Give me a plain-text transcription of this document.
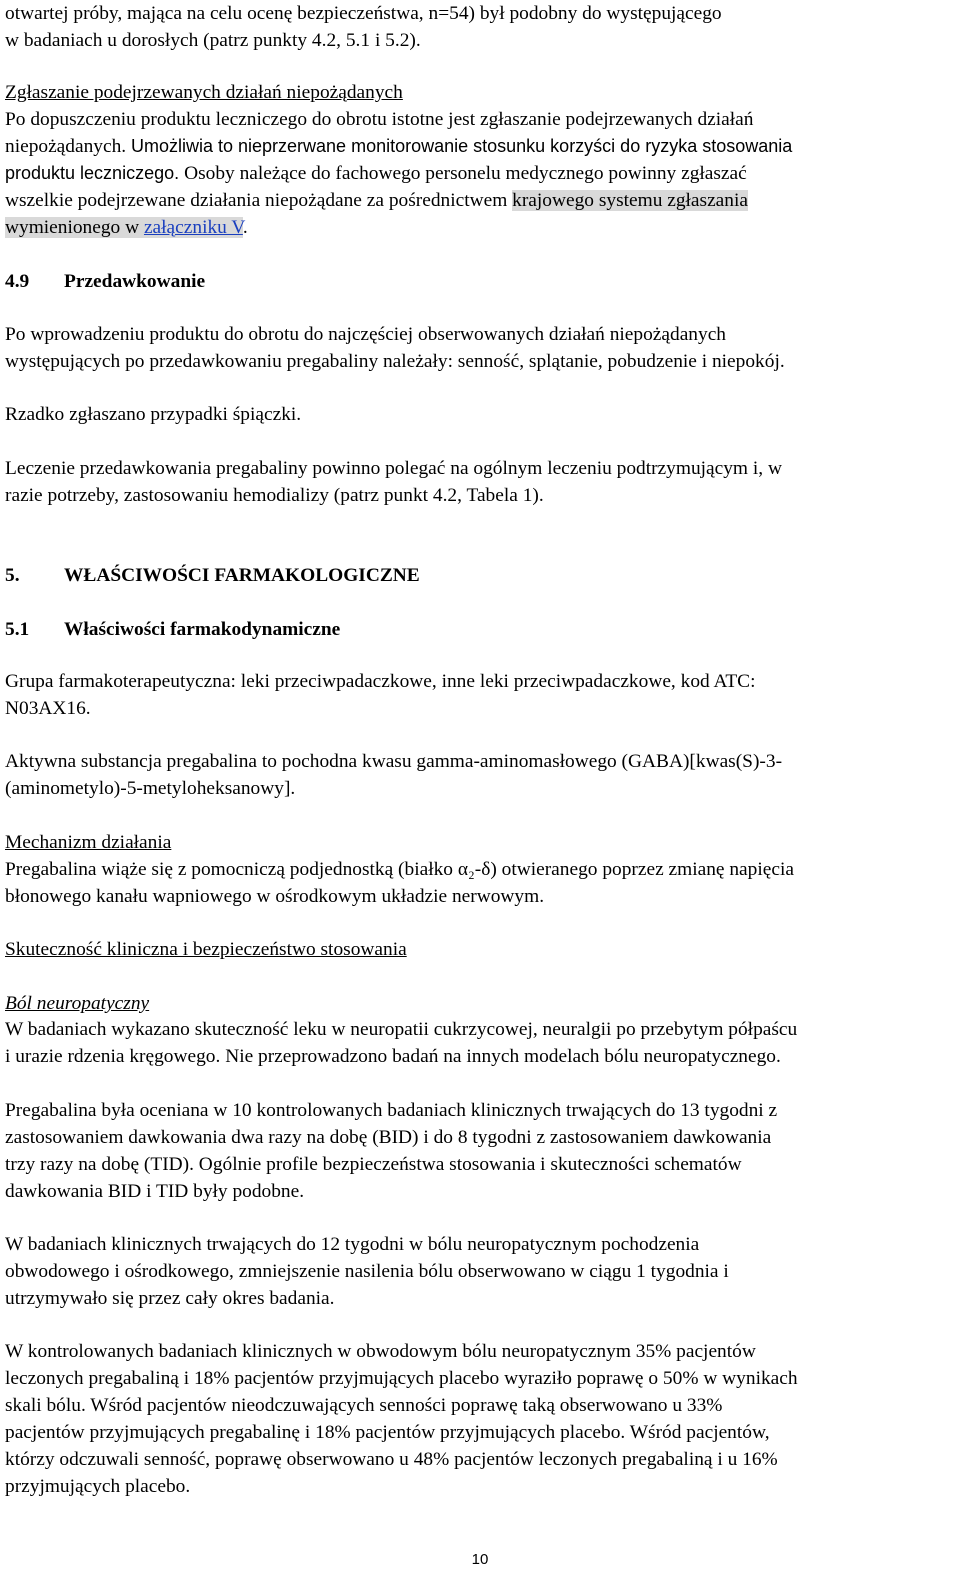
otwartej próby, mająca na celu ocenę bezpieczeństwa, n=54) był podobny do występującego
w badaniach u dorosłych (patrz punkty 4.2, 5.1 i 5.2).

Zgłaszanie podejrzewanych działań niepożądanych

Po dopuszczeniu produktu leczniczego do obrotu istotne jest zgłaszanie podejrzewanych działań
niepożądanych. Umożliwia to nieprzerwane monitorowanie stosunku korzyści do ryzyka stosowania
produktu leczniczego. Osoby należące do fachowego personelu medycznego powinny zgłaszać
wszelkie podejrzewane działania niepożądane za pośrednictwem krajowego systemu zgłaszania
wymienionego w załączniku V.

4.9 Przedawkowanie

Po wprowadzeniu produktu do obrotu do najczęściej obserwowanych działań niepożądanych
występujących po przedawkowaniu pregabaliny należały: senność, splątanie, pobudzenie i niepokój.

Rzadko zgłaszano przypadki śpiączki.

Leczenie przedawkowania pregabaliny powinno polegać na ogólnym leczeniu podtrzymującym i, w
razie potrzeby, zastosowaniu hemodializy (patrz punkt 4.2, Tabela 1).

5. WŁAŚCIWOŚCI FARMAKOLOGICZNE

5.1 Właściwości farmakodynamiczne

Grupa farmakoterapeutyczna: leki przeciwpadaczkowe, inne leki przeciwpadaczkowe, kod ATC:
N03AX16.

Aktywna substancja pregabalina to pochodna kwasu gamma-aminomasłowego (GABA)[kwas(S)-3-
(aminometylo)-5-metyloheksanowy].

Mechanizm działania

Pregabalina wiąże się z pomocniczą podjednostką (białko α₂-δ) otwieranego poprzez zmianę napięcia
błonowego kanału wapniowego w ośrodkowym układzie nerwowym.

Skuteczność kliniczna i bezpieczeństwo stosowania

Ból neuropatyczny

W badaniach wykazano skuteczność leku w neuropatii cukrzycowej, neuralgii po przebytym półpaścu
i urazie rdzenia kręgowego. Nie przeprowadzono badań na innych modelach bólu neuropatycznego.

Pregabalina była oceniana w 10 kontrolowanych badaniach klinicznych trwających do 13 tygodni z
zastosowaniem dawkowania dwa razy na dobę (BID) i do 8 tygodni z zastosowaniem dawkowania
trzy razy na dobę (TID). Ogólnie profile bezpieczeństwa stosowania i skuteczności schematów
dawkowania BID i TID były podobne.

W badaniach klinicznych trwających do 12 tygodni w bólu neuropatycznym pochodzenia
obwodowego i ośrodkowego, zmniejszenie nasilenia bólu obserwowano w ciągu 1 tygodnia i
utrzymywało się przez cały okres badania.

W kontrolowanych badaniach klinicznych w obwodowym bólu neuropatycznym 35% pacjentów
leczonych pregabaliną i 18% pacjentów przyjmujących placebo wyraziło poprawę o 50% w wynikach
skali bólu. Wśród pacjentów nieodczuwających senności poprawę taką obserwowano u 33%
pacjentów przyjmujących pregabalinę i 18% pacjentów przyjmujących placebo. Wśród pacjentów,
którzy odczuwali senność, poprawę obserwowano u 48% pacjentów leczonych pregabaliną i u 16%
przyjmujących placebo.

10
